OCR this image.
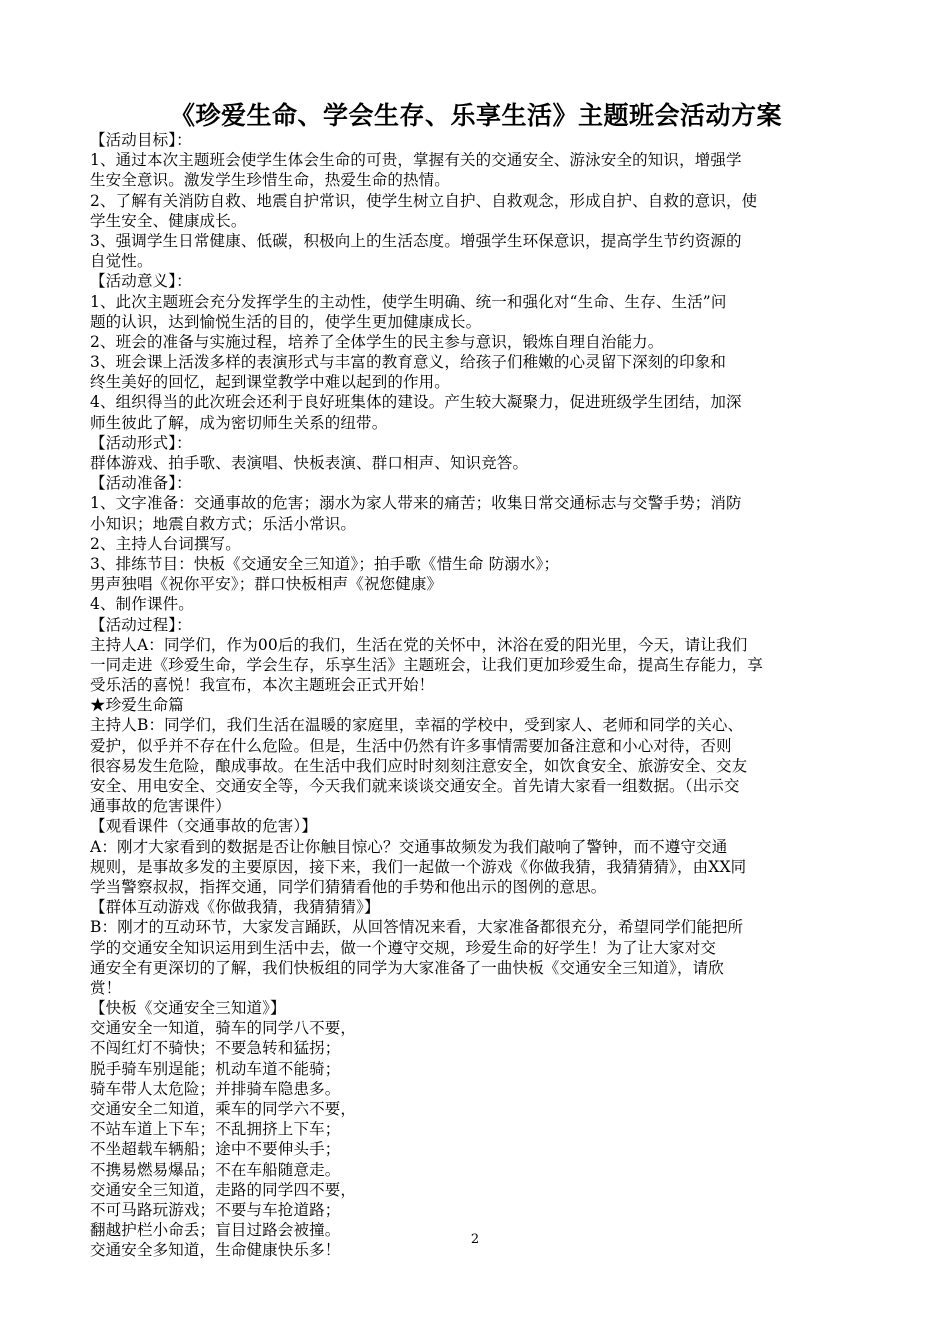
《珍爱生命、学会生存、乐享生活》主题班会活动方案
【活动目标】：
1、通过本次主题班会使学生体会生命的可贵，掌握有关的交通安全、游泳安全的知识，增强学
生安全意识。激发学生珍惜生命，热爱生命的热情。
2、了解有关消防自救、地震自护常识，使学生树立自护、自救观念，形成自护、自救的意识，使
学生安全、健康成长。
3、强调学生日常健康、低碳，积极向上的生活态度。增强学生环保意识，提高学生节约资源的
自觉性。
【活动意义】：
1、此次主题班会充分发挥学生的主动性，使学生明确、统一和强化对“生命、生存、生活”问
题的认识，达到愉悦生活的目的，使学生更加健康成长。
2、班会的准备与实施过程，培养了全体学生的民主参与意识，锻炼自理自治能力。
3、班会课上活泼多样的表演形式与丰富的教育意义，给孩子们稚嫩的心灵留下深刻的印象和
终生美好的回忆，起到课堂教学中难以起到的作用。
4、组织得当的此次班会还利于良好班集体的建设。产生较大凝聚力，促进班级学生团结，加深
师生彼此了解，成为密切师生关系的纽带。
【活动形式】：
群体游戏、拍手歌、表演唱、快板表演、群口相声、知识竞答。
【活动准备】：
1、文字准备：交通事故的危害；溺水为家人带来的痛苦；收集日常交通标志与交警手势；消防
小知识；地震自救方式；乐活小常识。
2、主持人台词撰写。
3、排练节目：快板《交通安全三知道》；拍手歌《惜生命 防溺水》；
男声独唱《祝你平安》；群口快板相声《祝您健康》
4、制作课件。
【活动过程】：
主持人A：同学们，作为00后的我们，生活在党的关怀中，沐浴在爱的阳光里，今天，请让我们
一同走进《珍爱生命，学会生存，乐享生活》主题班会，让我们更加珍爱生命，提高生存能力，享
受乐活的喜悦！我宣布，本次主题班会正式开始！
★珍爱生命篇
主持人B：同学们，我们生活在温暖的家庭里，幸福的学校中，受到家人、老师和同学的关心、
爱护，似乎并不存在什么危险。但是，生活中仍然有许多事情需要加备注意和小心对待，否则
很容易发生危险，酿成事故。在生活中我们应时时刻刻注意安全，如饮食安全、旅游安全、交友
安全、用电安全、交通安全等，今天我们就来谈谈交通安全。首先请大家看一组数据。（出示交
通事故的危害课件）
【观看课件（交通事故的危害）】
A：刚才大家看到的数据是否让你触目惊心？交通事故频发为我们敲响了警钟，而不遵守交通
规则，是事故多发的主要原因，接下来，我们一起做一个游戏《你做我猜，我猜猜猜》，由XX同
学当警察叔叔，指挥交通，同学们猜猜看他的手势和他出示的图例的意思。
【群体互动游戏《你做我猜，我猜猜猜》】
B：刚才的互动环节，大家发言踊跃，从回答情况来看，大家准备都很充分，希望同学们能把所
学的交通安全知识运用到生活中去，做一个遵守交规，珍爱生命的好学生！为了让大家对交
通安全有更深切的了解，我们快板组的同学为大家准备了一曲快板《交通安全三知道》，请欣
赏！
【快板《交通安全三知道》】
交通安全一知道，骑车的同学八不要，
不闯红灯不骑快；不要急转和猛拐；
脱手骑车别逞能；机动车道不能骑；
骑车带人太危险；并排骑车隐患多。
交通安全二知道，乘车的同学六不要，
不站车道上下车；不乱拥挤上下车；
不坐超载车辆船；途中不要伸头手；
不携易燃易爆品；不在车船随意走。
交通安全三知道，走路的同学四不要，
不可马路玩游戏；不要与车抢道路；
翻越护栏小命丢；盲目过路会被撞。
交通安全多知道，生命健康快乐多！
2
